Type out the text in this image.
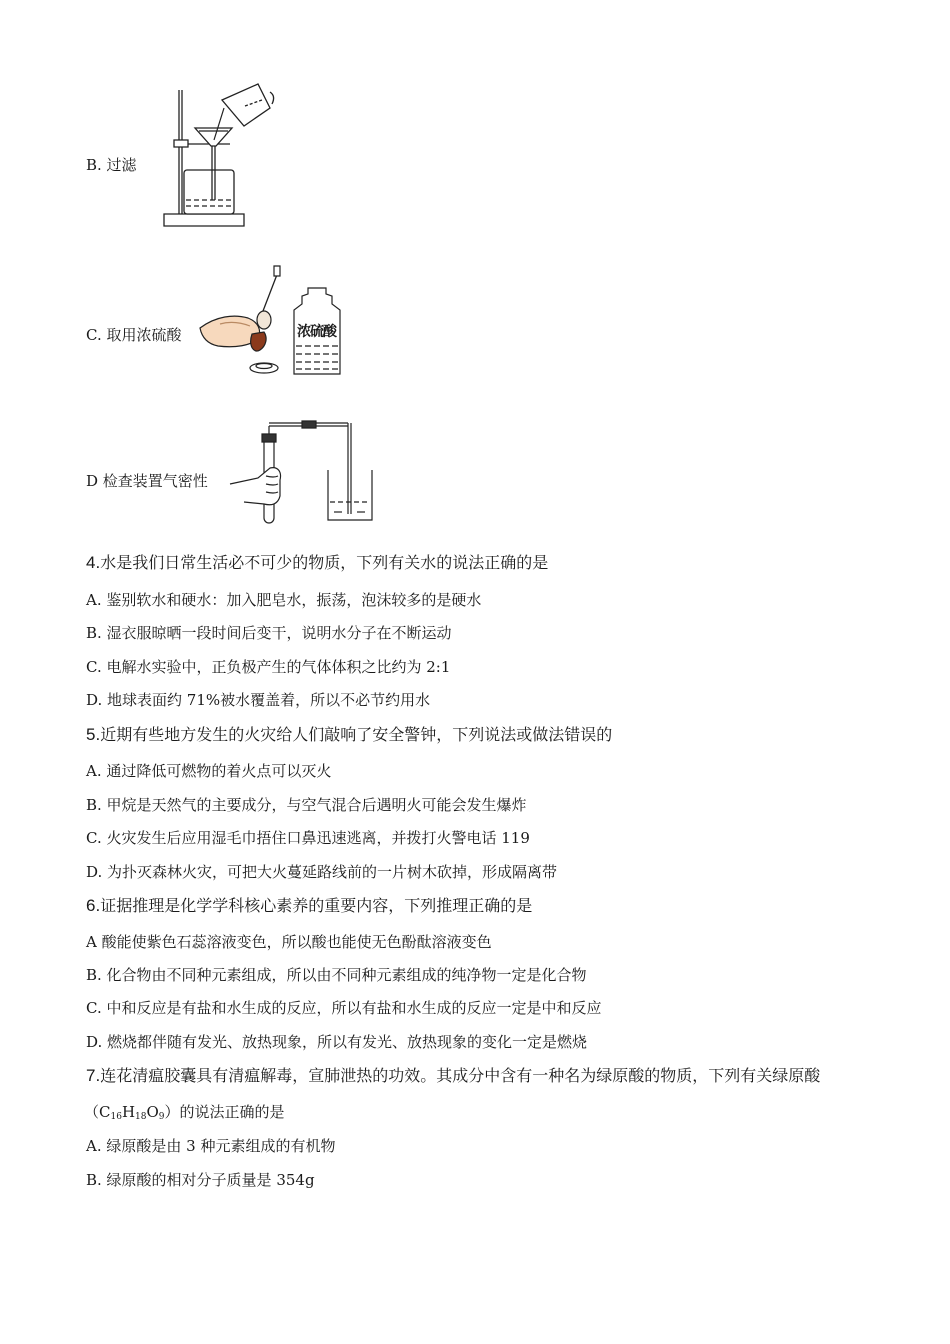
B. 过滤
C. 取用浓硫酸	浓硫酸
D 检查装置气密性
4.水是我们日常生活必不可少的物质，下列有关水的说法正确的是
A. 鉴别软水和硬水：加入肥皂水，振荡，泡沫较多的是硬水
B. 湿衣服晾晒一段时间后变干，说明水分子在不断运动
C. 电解水实验中，正负极产生的气体体积之比约为 2:1
D. 地球表面约 71%被水覆盖着，所以不必节约用水
5.近期有些地方发生的火灾给人们敲响了安全警钟，下列说法或做法错误的
A. 通过降低可燃物的着火点可以灭火
B. 甲烷是天然气的主要成分，与空气混合后遇明火可能会发生爆炸
C. 火灾发生后应用湿毛巾捂住口鼻迅速逃离，并拨打火警电话 119
D. 为扑灭森林火灾，可把大火蔓延路线前的一片树木砍掉，形成隔离带
6.证据推理是化学学科核心素养的重要内容，下列推理正确的是
A 酸能使紫色石蕊溶液变色，所以酸也能使无色酚酞溶液变色
B. 化合物由不同种元素组成，所以由不同种元素组成的纯净物一定是化合物
C. 中和反应是有盐和水生成的反应，所以有盐和水生成的反应一定是中和反应
D. 燃烧都伴随有发光、放热现象，所以有发光、放热现象的变化一定是燃烧
7.连花清瘟胶囊具有清瘟解毒，宣肺泄热的功效。其成分中含有一种名为绿原酸的物质，下列有关绿原酸
$(C_{16}H_{18}O_9)$的说法正确的是
A. 绿原酸是由 3 种元素组成的有机物
B. 绿原酸的相对分子质量是 354g
